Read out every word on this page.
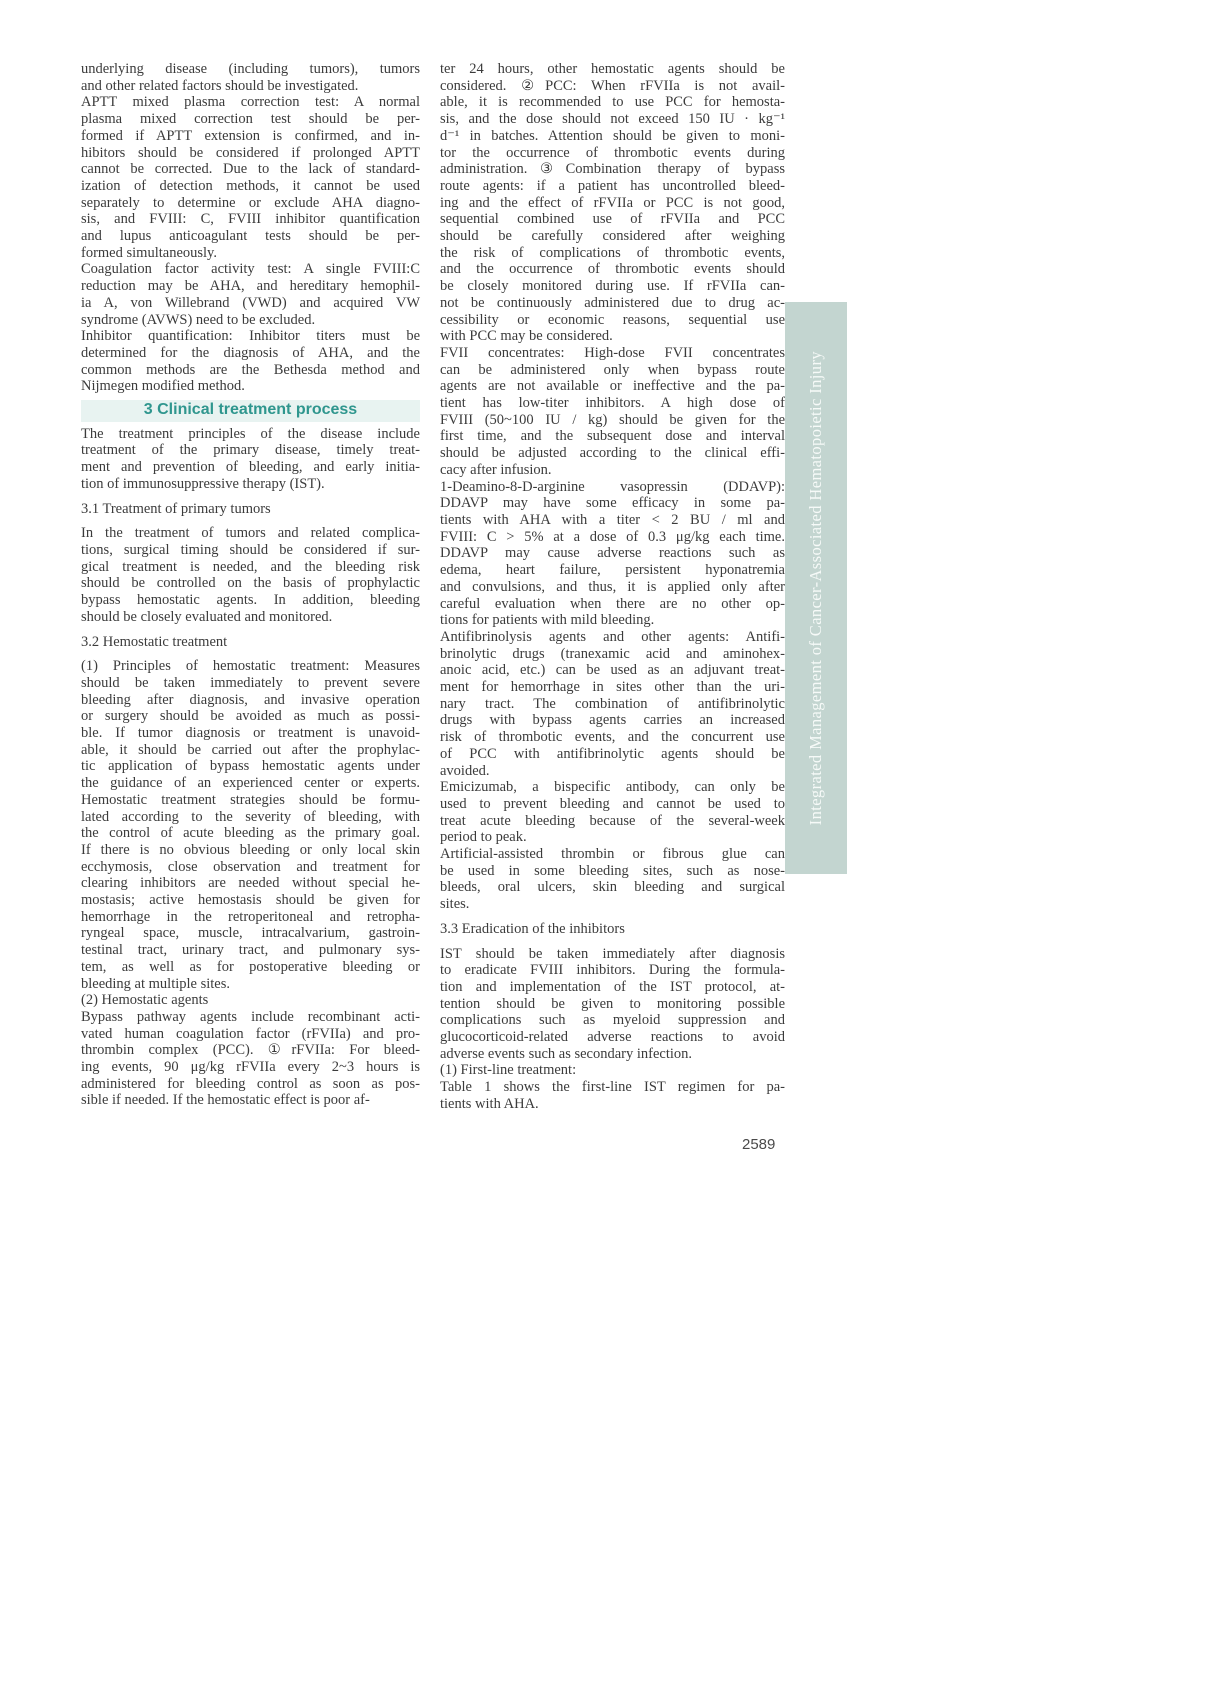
underlying disease (including tumors), tumors
and other related factors should be investigated.
APTT mixed plasma correction test: A normal
plasma mixed correction test should be per-
formed if APTT extension is confirmed, and in-
hibitors should be considered if prolonged APTT
cannot be corrected. Due to the lack of standard-
ization of detection methods, it cannot be used
separately to determine or exclude AHA diagno-
sis, and FVIII: C, FVIII inhibitor quantification
and lupus anticoagulant tests should be per-
formed simultaneously.
Coagulation factor activity test: A single FVIII:C
reduction may be AHA, and hereditary hemophil-
ia A, von Willebrand (VWD) and acquired VW
syndrome (AVWS) need to be excluded.
Inhibitor quantification: Inhibitor titers must be
determined for the diagnosis of AHA, and the
common methods are the Bethesda method and
Nijmegen modified method.
3 Clinical treatment process
The treatment principles of the disease include
treatment of the primary disease, timely treat-
ment and prevention of bleeding, and early initia-
tion of immunosuppressive therapy (IST).
3.1 Treatment of primary tumors
In the treatment of tumors and related complica-
tions, surgical timing should be considered if sur-
gical treatment is needed, and the bleeding risk
should be controlled on the basis of prophylactic
bypass hemostatic agents. In addition, bleeding
should be closely evaluated and monitored.
3.2 Hemostatic treatment
(1) Principles of hemostatic treatment: Measures
should be taken immediately to prevent severe
bleeding after diagnosis, and invasive operation
or surgery should be avoided as much as possi-
ble. If tumor diagnosis or treatment is unavoid-
able, it should be carried out after the prophylac-
tic application of bypass hemostatic agents under
the guidance of an experienced center or experts.
Hemostatic treatment strategies should be formu-
lated according to the severity of bleeding, with
the control of acute bleeding as the primary goal.
If there is no obvious bleeding or only local skin
ecchymosis, close observation and treatment for
clearing inhibitors are needed without special he-
mostasis; active hemostasis should be given for
hemorrhage in the retroperitoneal and retropha-
ryngeal space, muscle, intracalvarium, gastroin-
testinal tract, urinary tract, and pulmonary sys-
tem, as well as for postoperative bleeding or
bleeding at multiple sites.
(2) Hemostatic agents
Bypass pathway agents include recombinant acti-
vated human coagulation factor (rFVIIa) and pro-
thrombin complex (PCC). ①rFVIIa: For bleed-
ing events, 90 μg/kg rFVIIa every 2~3 hours is
administered for bleeding control as soon as pos-
sible if needed. If the hemostatic effect is poor af-
ter 24 hours, other hemostatic agents should be
considered. ②PCC: When rFVIIa is not avail-
able, it is recommended to use PCC for hemosta-
sis, and the dose should not exceed 150 IU · kg⁻¹
d⁻¹ in batches. Attention should be given to moni-
tor the occurrence of thrombotic events during
administration.③Combination therapy of bypass
route agents: if a patient has uncontrolled bleed-
ing and the effect of rFVIIa or PCC is not good,
sequential combined use of rFVIIa and PCC
should be carefully considered after weighing
the risk of complications of thrombotic events,
and the occurrence of thrombotic events should
be closely monitored during use. If rFVIIa can-
not be continuously administered due to drug ac-
cessibility or economic reasons, sequential use
with PCC may be considered.
FVII concentrates: High-dose FVII concentrates
can be administered only when bypass route
agents are not available or ineffective and the pa-
tient has low-titer inhibitors. A high dose of
FVIII (50~100 IU / kg) should be given for the
first time, and the subsequent dose and interval
should be adjusted according to the clinical effi-
cacy after infusion.
1-Deamino-8-D-arginine vasopressin (DDAVP):
DDAVP may have some efficacy in some pa-
tients with AHA with a titer < 2 BU / ml and
FVIII: C > 5% at a dose of 0.3 μg/kg each time.
DDAVP may cause adverse reactions such as
edema, heart failure, persistent hyponatremia
and convulsions, and thus, it is applied only after
careful evaluation when there are no other op-
tions for patients with mild bleeding.
Antifibrinolysis agents and other agents: Antifi-
brinolytic drugs (tranexamic acid and aminohex-
anoic acid, etc.) can be used as an adjuvant treat-
ment for hemorrhage in sites other than the uri-
nary tract. The combination of antifibrinolytic
drugs with bypass agents carries an increased
risk of thrombotic events, and the concurrent use
of PCC with antifibrinolytic agents should be
avoided.
Emicizumab, a bispecific antibody, can only be
used to prevent bleeding and cannot be used to
treat acute bleeding because of the several-week
period to peak.
Artificial-assisted thrombin or fibrous glue can
be used in some bleeding sites, such as nose-
bleeds, oral ulcers, skin bleeding and surgical
sites.
3.3 Eradication of the inhibitors
IST should be taken immediately after diagnosis
to eradicate FVIII inhibitors. During the formula-
tion and implementation of the IST protocol, at-
tention should be given to monitoring possible
complications such as myeloid suppression and
glucocorticoid-related adverse reactions to avoid
adverse events such as secondary infection.
(1) First-line treatment:
Table 1 shows the first-line IST regimen for pa-
tients with AHA.
Integrated Management of Cancer-Associated Hematopoietic Injury
2589
